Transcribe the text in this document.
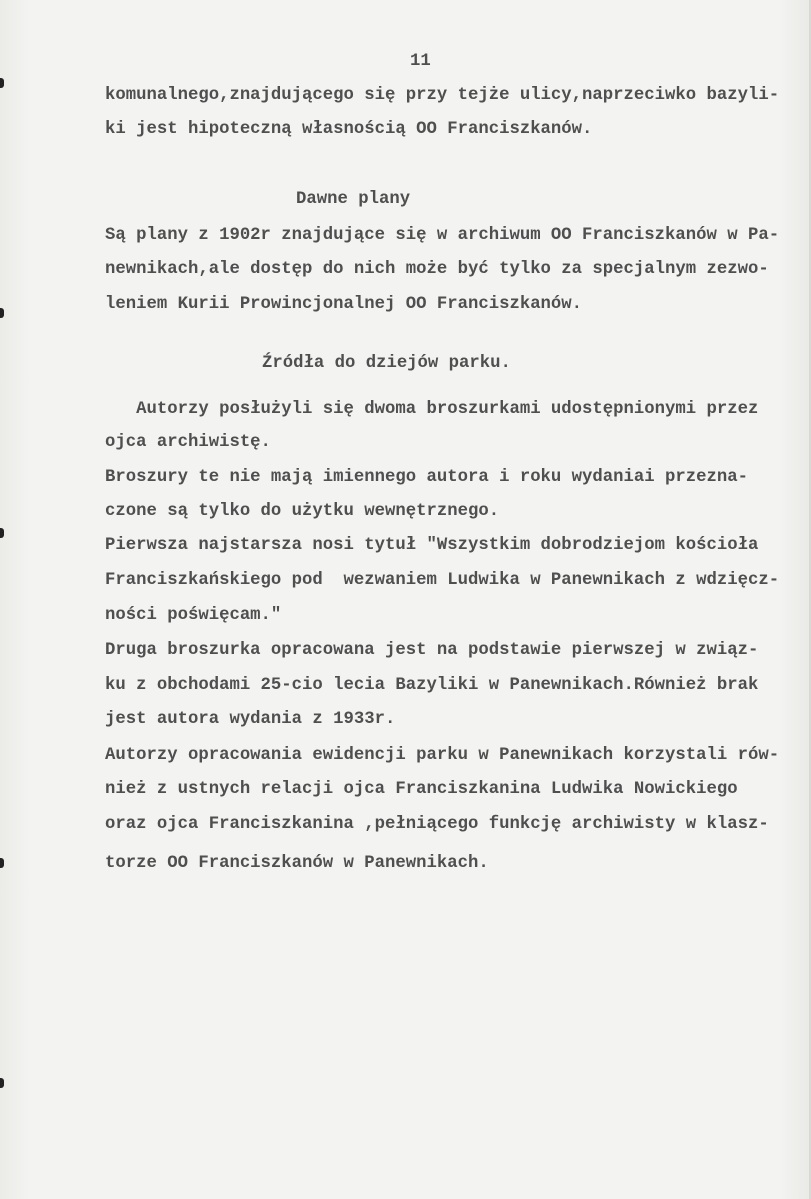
11
komunalnego,znajdującego się przy tejże ulicy,naprzeciwko bazyli-
ki jest hipoteczną własnością OO Franciszkanów.
Dawne plany
Są plany z 1902r znajdujące się w archiwum OO Franciszkanów w Pa-
newnikach,ale dostęp do nich może być tylko za specjalnym zezwo-
leniem Kurii Prowincjonalnej OO Franciszkanów.
Źródła do dziejów parku.
Autorzy posłużyli się dwoma broszurkami udostępnionymi przez
ojca archiwistę.
Broszury te nie mają imiennego autora i roku wydaniai przezna-
czone są tylko do użytku wewnętrznego.
Pierwsza najstarsza nosi tytuł "Wszystkim dobrodziejom kościoła
Franciszkańskiego pod  wezwaniem Ludwika w Panewnikach z wdzięcz-
ności poświęcam."
Druga broszurka opracowana jest na podstawie pierwszej w związ-
ku z obchodami 25-cio lecia Bazyliki w Panewnikach.Również brak
jest autora wydania z 1933r.
Autorzy opracowania ewidencji parku w Panewnikach korzystali rów-
nież z ustnych relacji ojca Franciszkanina Ludwika Nowickiego
oraz ojca Franciszkanina ,pełniącego funkcję archiwisty w klasz-
torze OO Franciszkanów w Panewnikach.
